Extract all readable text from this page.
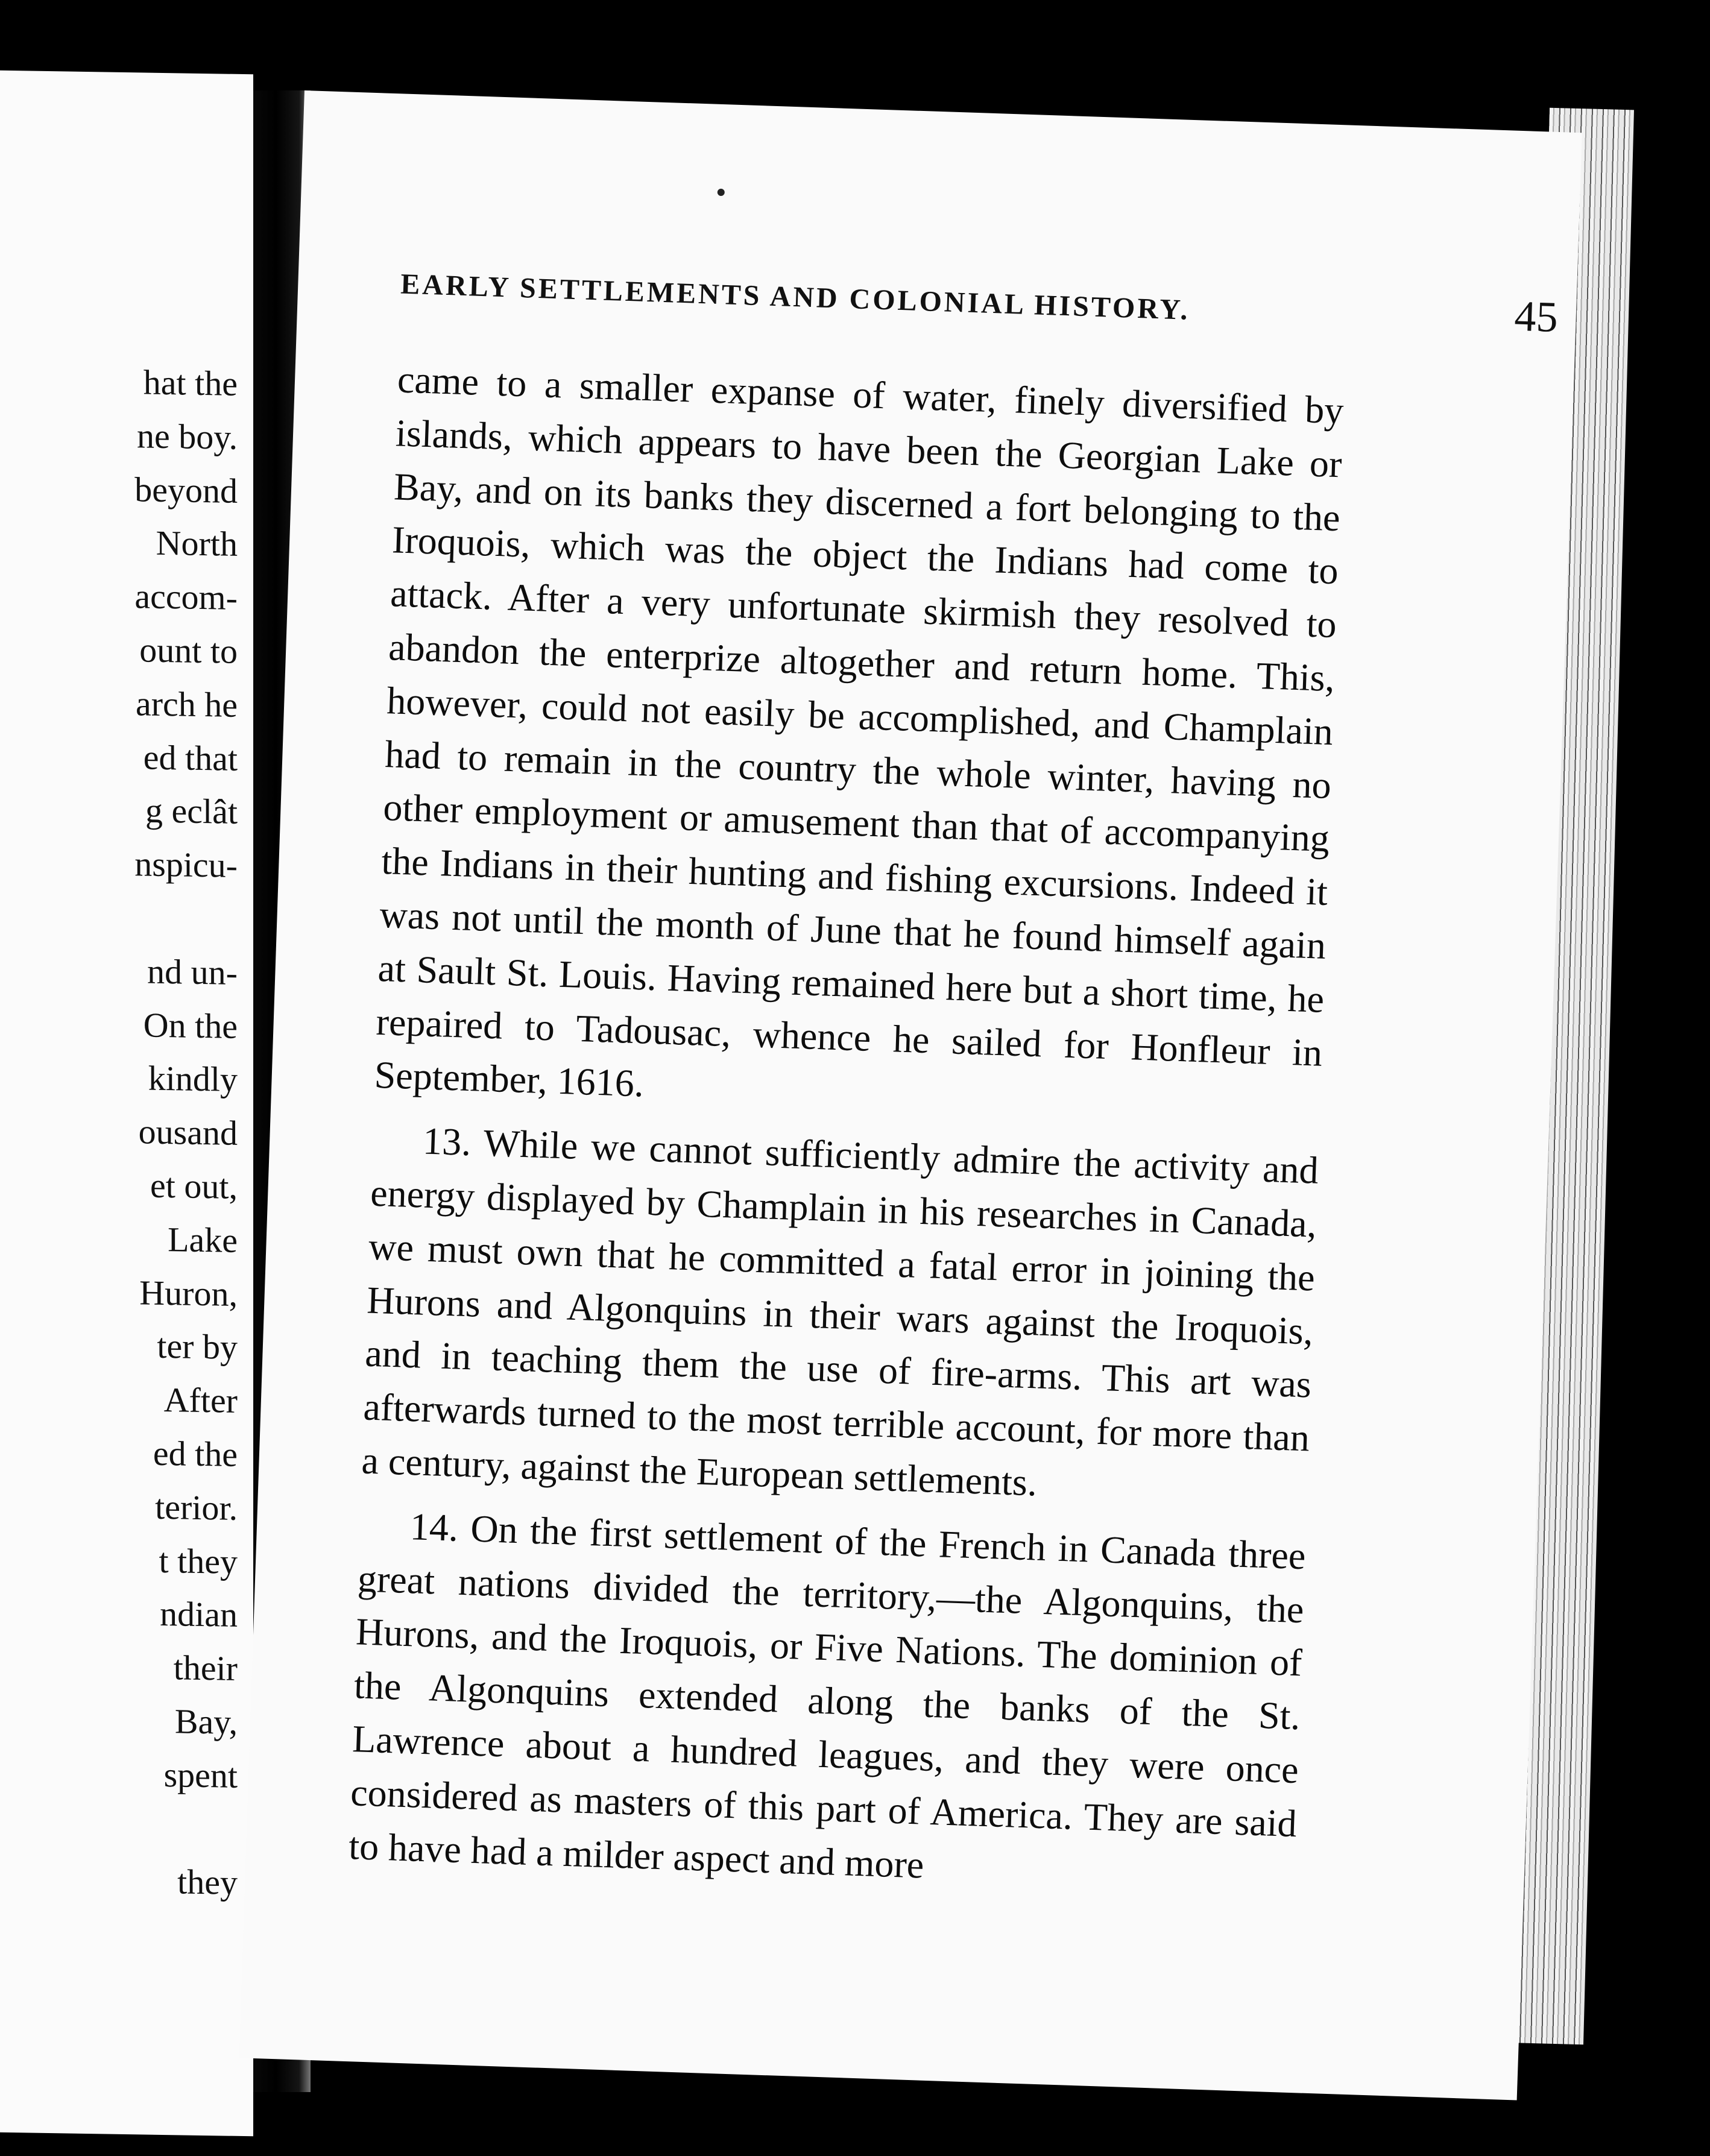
hat the
ne boy.
beyond
North
accom-
ount to
arch he
ed that
g eclât
nspicu-
nd un-
On the
kindly
ousand
et out,
Lake
Huron,
ter by
After
ed the
terior.
t they
ndian
their
Bay,
spent
they
EARLY SETTLEMENTS AND COLONIAL HISTORY.	45

came to a smaller expanse of water, finely diversified by islands, which appears to have been the Georgian Lake or Bay, and on its banks they discerned a fort belonging to the Iroquois, which was the object the Indians had come to attack. After a very unfortunate skirmish they resolved to abandon the enterprize altogether and return home. This, however, could not easily be accomplished, and Champlain had to remain in the country the whole winter, having no other employment or amusement than that of accompanying the Indians in their hunting and fishing excursions. Indeed it was not until the month of June that he found himself again at Sault St. Louis. Having remained here but a short time, he repaired to Tadousac, whence he sailed for Honfleur in September, 1616.

13. While we cannot sufficiently admire the activity and energy displayed by Champlain in his researches in Canada, we must own that he committed a fatal error in joining the Hurons and Algonquins in their wars against the Iroquois, and in teaching them the use of fire-arms. This art was afterwards turned to the most terrible account, for more than a century, against the European settlements.

14. On the first settlement of the French in Canada three great nations divided the territory,—the Algonquins, the Hurons, and the Iroquois, or Five Nations. The dominion of the Algonquins extended along the banks of the St. Lawrence about a hundred leagues, and they were once considered as masters of this part of America. They are said to have had a milder aspect and more
